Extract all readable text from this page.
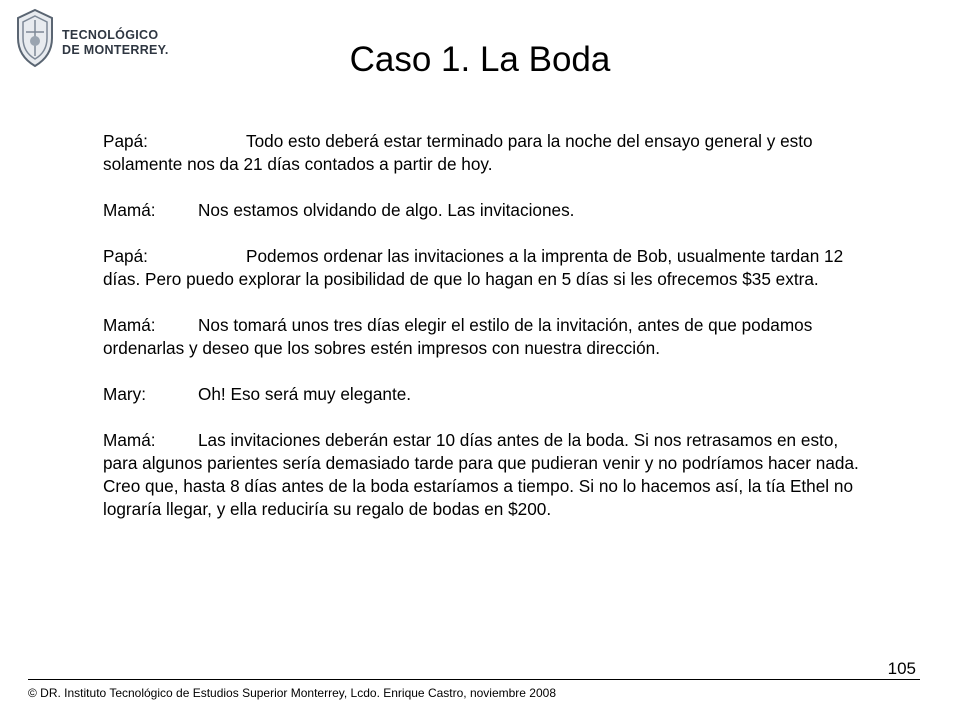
TECNOLÓGICO
DE MONTERREY.	Caso 1. La Boda

Papá:	Todo esto deberá estar terminado para la noche del ensayo general y esto solamente nos da 21 días contados a partir de hoy.

Mamá: Nos estamos olvidando de algo. Las invitaciones.

Papá:	Podemos ordenar las invitaciones a la imprenta de Bob, usualmente tardan 12 días. Pero puedo explorar la posibilidad de que lo hagan en 5 días si les ofrecemos $35 extra.

Mamá: Nos tomará unos tres días elegir el estilo de la invitación, antes de que podamos ordenarlas y deseo que los sobres estén impresos con nuestra dirección.

Mary:	Oh! Eso será muy elegante.

Mamá: Las invitaciones deberán estar 10 días antes de la boda. Si nos retrasamos en esto, para algunos parientes sería demasiado tarde para que pudieran venir y no podríamos hacer nada. Creo que, hasta 8 días antes de la boda estaríamos a tiempo. Si no lo hacemos así, la tía Ethel no lograría llegar, y ella reduciría su regalo de bodas en $200.

105
© DR. Instituto Tecnológico de Estudios Superior Monterrey, Lcdo. Enrique Castro, noviembre 2008
